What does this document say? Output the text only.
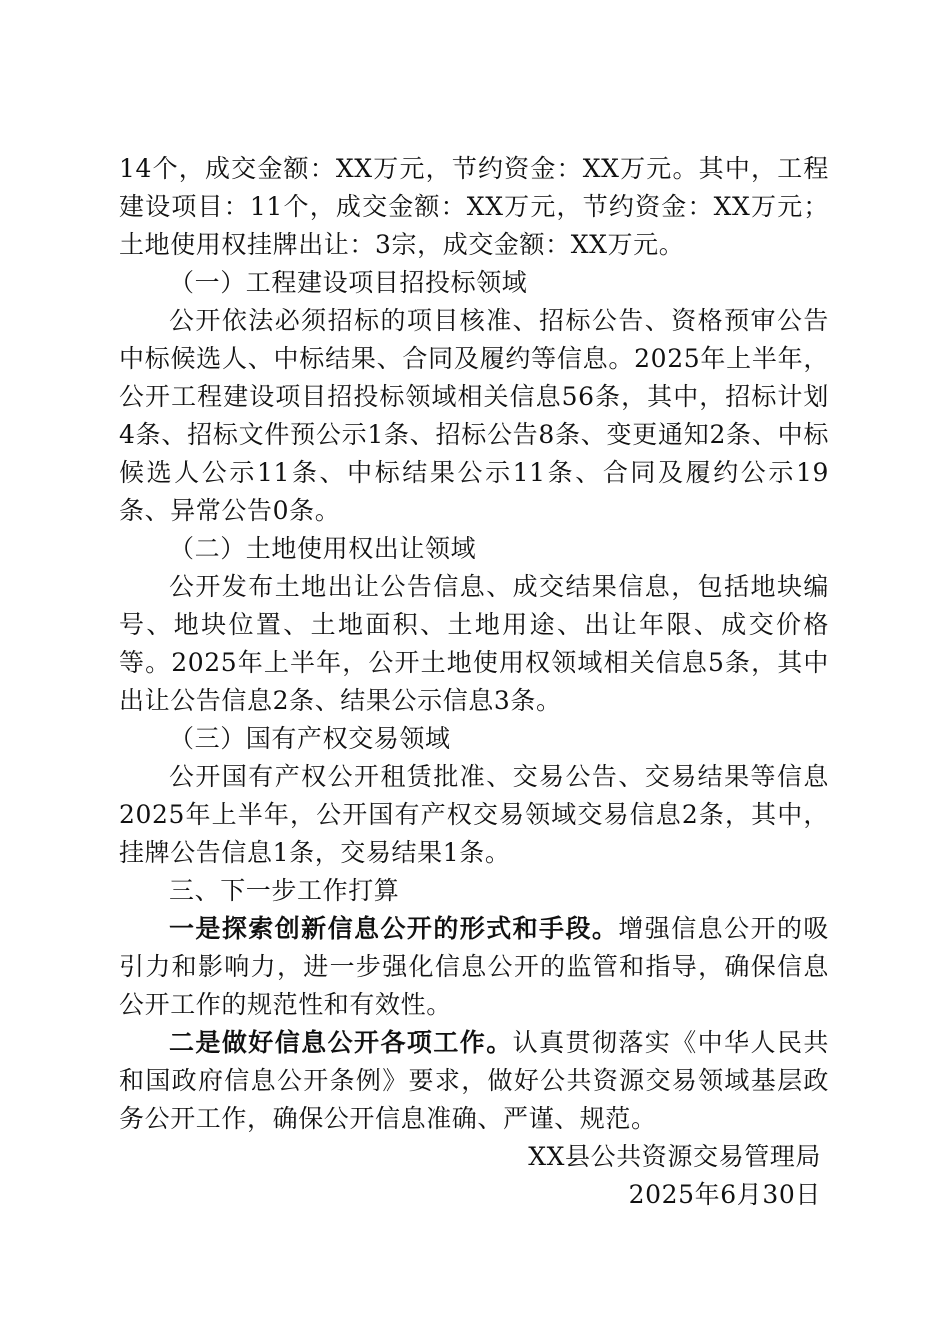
14个，成交金额：XX万元，节约资金：XX万元。其中，工程建设项目：11个，成交金额：XX万元，节约资金：XX万元；土地使用权挂牌出让：3宗，成交金额：XX万元。

（一）工程建设项目招投标领域

公开依法必须招标的项目核准、招标公告、资格预审公告中标候选人、中标结果、合同及履约等信息。2025年上半年，公开工程建设项目招投标领域相关信息56条，其中，招标计划4条、招标文件预公示1条、招标公告8条、变更通知2条、中标候选人公示11条、中标结果公示11条、合同及履约公示19条、异常公告0条。

（二）土地使用权出让领域

公开发布土地出让公告信息、成交结果信息，包括地块编号、地块位置、土地面积、土地用途、出让年限、成交价格等。2025年上半年，公开土地使用权领域相关信息5条，其中出让公告信息2条、结果公示信息3条。

（三）国有产权交易领域

公开国有产权公开租赁批准、交易公告、交易结果等信息2025年上半年，公开国有产权交易领域交易信息2条，其中，挂牌公告信息1条，交易结果1条。

三、下一步工作打算

一是探索创新信息公开的形式和手段。增强信息公开的吸引力和影响力，进一步强化信息公开的监管和指导，确保信息公开工作的规范性和有效性。

二是做好信息公开各项工作。认真贯彻落实《中华人民共和国政府信息公开条例》要求，做好公共资源交易领域基层政务公开工作，确保公开信息准确、严谨、规范。

XX县公共资源交易管理局

2025年6月30日
